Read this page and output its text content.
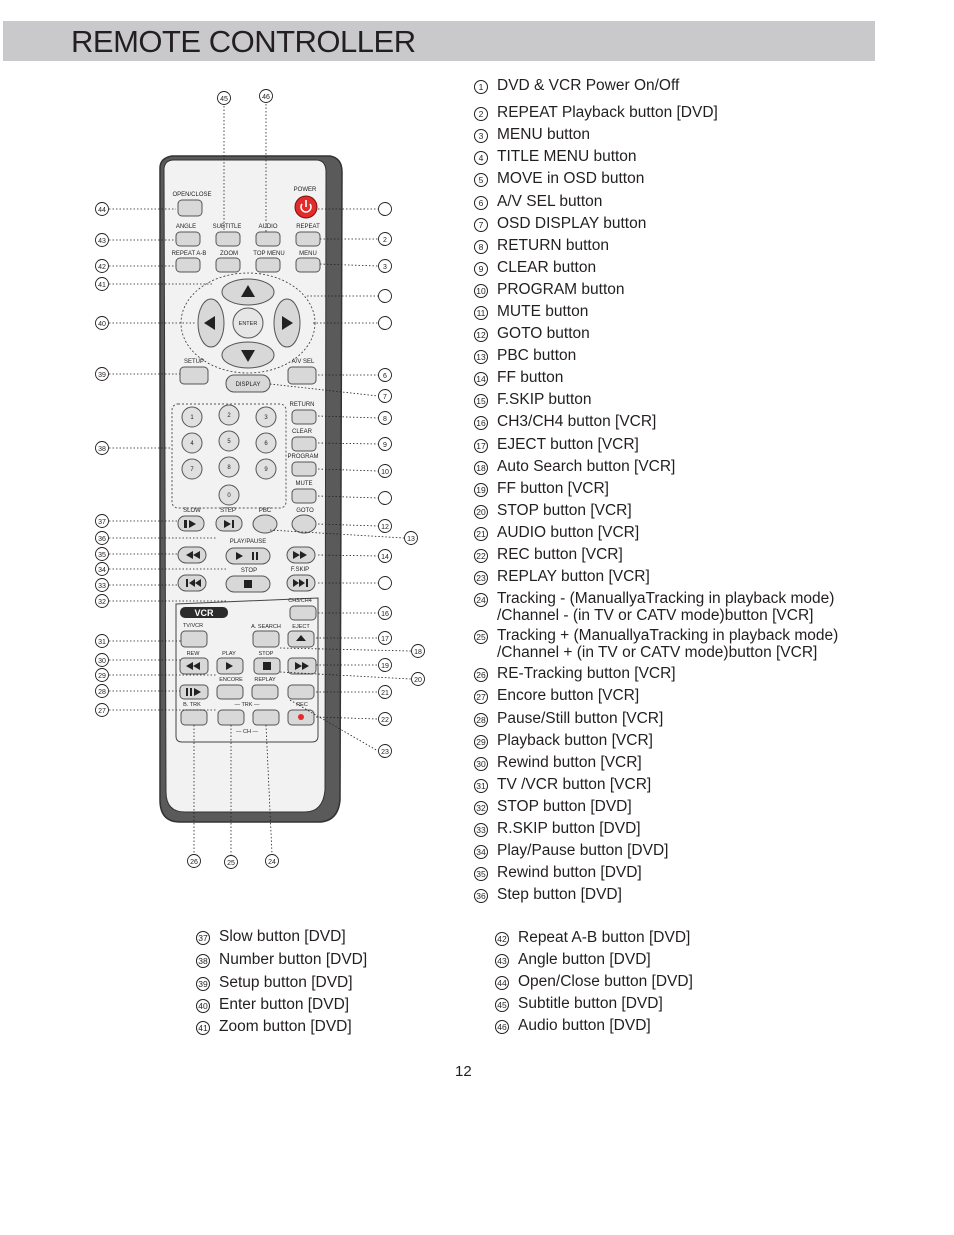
REMOTE CONTROLLER
1 DVD & VCR Power On/Off
2 REPEAT Playback button [DVD]
3 MENU button
4 TITLE MENU button
5 MOVE in OSD button
6 A/V SEL button
7 OSD DISPLAY button
8 RETURN button
9 CLEAR button
10 PROGRAM button
11 MUTE button
12 GOTO button
13 PBC button
14 FF button
15 F.SKIP button
16 CH3/CH4 button [VCR]
17 EJECT button [VCR]
18 Auto Search button [VCR]
19 FF button [VCR]
20 STOP button [VCR]
21 AUDIO button [VCR]
22 REC button [VCR]
23 REPLAY button [VCR]
24 Tracking - (ManuallyaTracking in playback mode)
/Channel - (in TV or CATV mode)button [VCR]
25 Tracking + (ManuallyaTracking in playback mode)
/Channel + (in TV or CATV mode)button [VCR]
26 RE-Tracking button [VCR]
27 Encore button [VCR]
28 Pause/Still button [VCR]
29 Playback button [VCR]
30 Rewind button [VCR]
31 TV /VCR button [VCR]
32 STOP button [DVD]
33 R.SKIP button [DVD]
34 Play/Pause button [DVD]
35 Rewind button [DVD]
36 Step button [DVD]
37 Slow button [DVD]
38 Number button [DVD]
39 Setup button [DVD]
40 Enter button [DVD]
41 Zoom button [DVD]
42 Repeat A-B button [DVD]
43 Angle button [DVD]
44 Open/Close button [DVD]
45 Subtitle button [DVD]
46 Audio button [DVD]
OPEN/CLOSE
POWER
ANGLE	SUBTITLE	AUDIO	REPEAT
REPEAT A-B ZOOM	TOP MENU MENU
ENTER
SETUP	A/V SEL
DISPLAY
1	2	3
4	5	6
7	8	9
0
RETURN
CLEAR
PROGRAM
MUTE
SLOW	STEP	PBC	GOTO
PLAY/PAUSE
STOP	F.SKIP
CH3/CH4
VCR
TV/VCR	A. SEARCH EJECT
REW	PLAY	STOP
ENCORE REPLAY
B. TRK	— TRK —	REC
— CH —
2
3
6
7
8
9
10
12
14
16
17
19
21
22
23
13
18
20
44
43
42
41
40
39
38
37
36
35
34
33
32
31
30
29
28
27
45	46
26	25	24
12
